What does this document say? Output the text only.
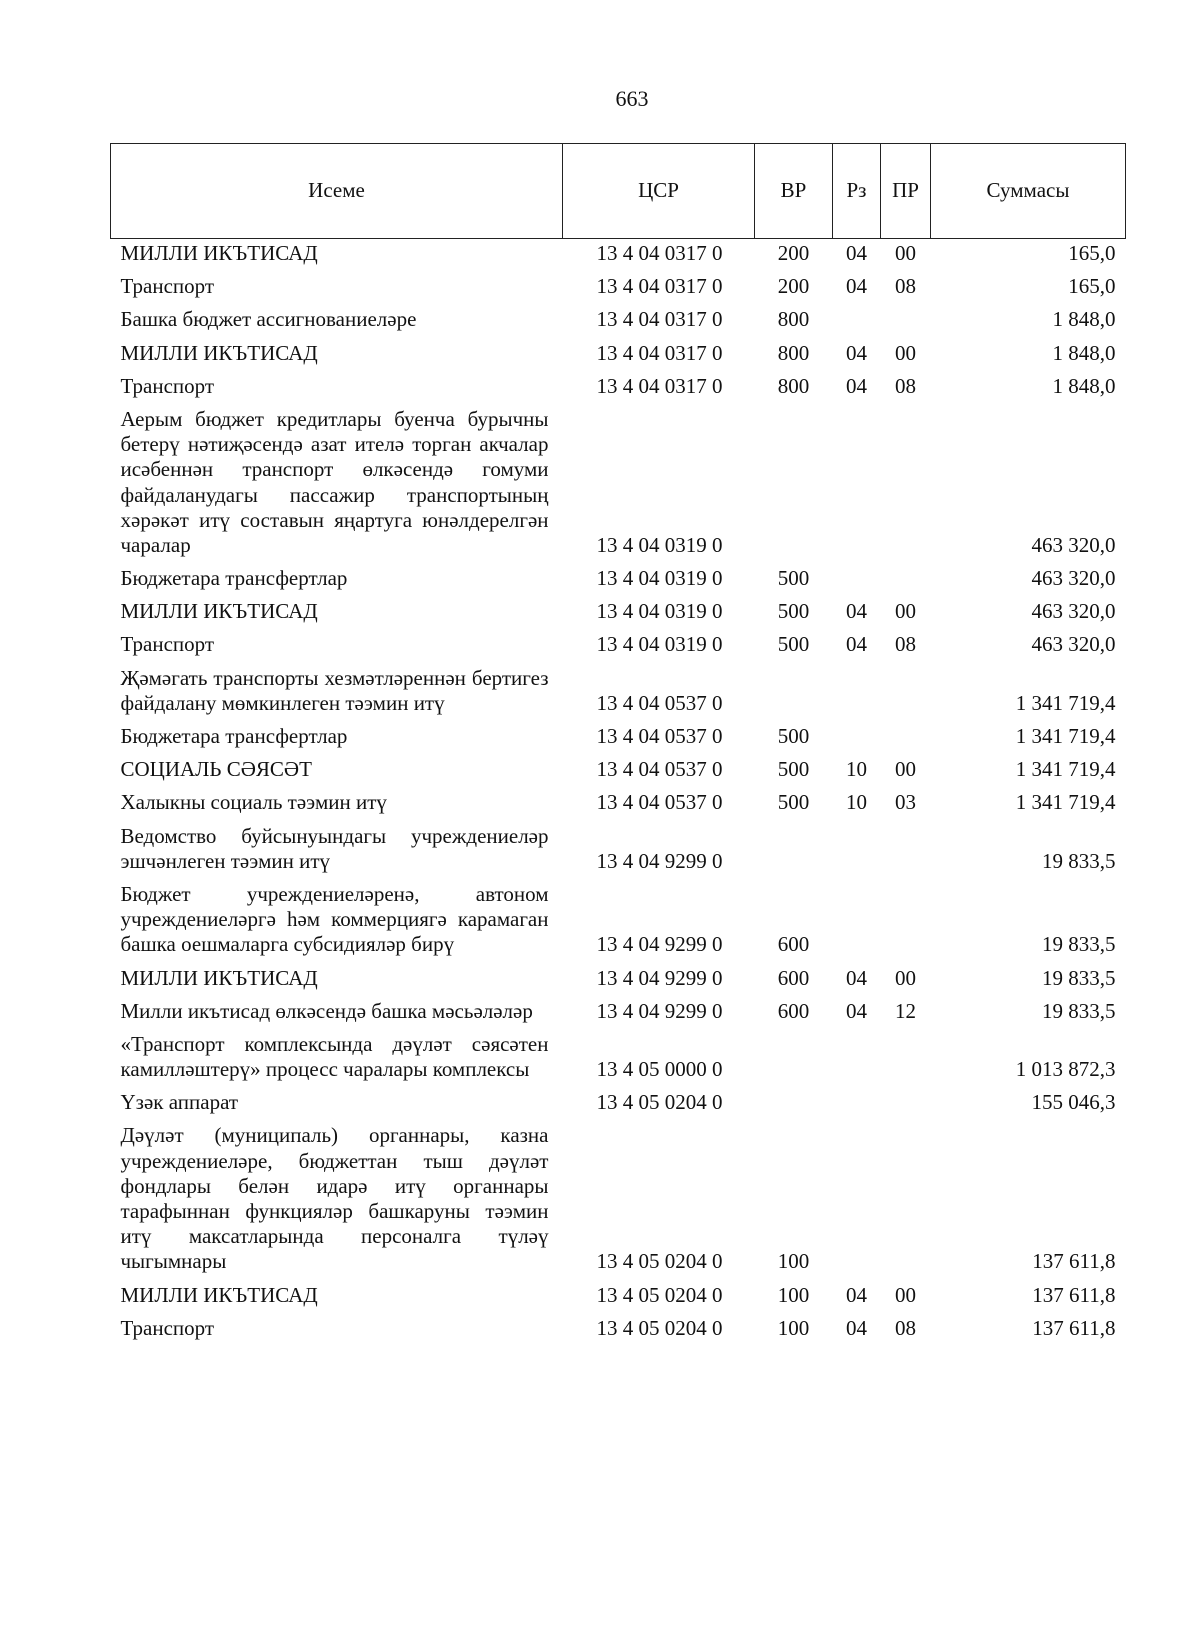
663
Исеме	ЦСР	ВР	Рз	ПР	Суммасы
МИЛЛИ ИКЪТИСАД	13 4 04 0317 0	200	04	00	165,0
Транспорт	13 4 04 0317 0	200	04	08	165,0
Башка бюджет ассигнованиеләре	13 4 04 0317 0	800			1 848,0
МИЛЛИ ИКЪТИСАД	13 4 04 0317 0	800	04	00	1 848,0
Транспорт	13 4 04 0317 0	800	04	08	1 848,0
Аерым бюджет кредитлары буенча бурычны бетерү нәтиҗәсендә азат ителә торган акчалар исәбеннән транспорт өлкәсендә гомуми файдаланудагы пассажир транспортының хәрәкәт итү составын яңартуга юнәлдерелгән чаралар	13 4 04 0319 0				463 320,0
Бюджетара трансфертлар	13 4 04 0319 0	500			463 320,0
МИЛЛИ ИКЪТИСАД	13 4 04 0319 0	500	04	00	463 320,0
Транспорт	13 4 04 0319 0	500	04	08	463 320,0
Җәмәгать транспорты хезмәтләреннән бертигез файдалану мөмкинлеген тәэмин итү	13 4 04 0537 0				1 341 719,4
Бюджетара трансфертлар	13 4 04 0537 0	500			1 341 719,4
СОЦИАЛЬ СӘЯСӘТ	13 4 04 0537 0	500	10	00	1 341 719,4
Халыкны социаль тәэмин итү	13 4 04 0537 0	500	10	03	1 341 719,4
Ведомство буйсынуындагы учреждениеләр эшчәнлеген тәэмин итү	13 4 04 9299 0				19 833,5
Бюджет учреждениеләренә, автоном учреждениеләргә һәм коммерциягә карамаган башка оешмаларга субсидияләр бирү	13 4 04 9299 0	600			19 833,5
МИЛЛИ ИКЪТИСАД	13 4 04 9299 0	600	04	00	19 833,5
Милли икътисад өлкәсендә башка мәсьәләләр	13 4 04 9299 0	600	04	12	19 833,5
«Транспорт комплексында дәүләт сәясәтен камилләштерү» процесс чаралары комплексы	13 4 05 0000 0				1 013 872,3
Үзәк аппарат	13 4 05 0204 0				155 046,3
Дәүләт (муниципаль) органнары, казна учреждениеләре, бюджеттан тыш дәүләт фондлары белән идарә итү органнары тарафыннан функцияләр башкаруны тәэмин итү максатларында персоналга түләү чыгымнары	13 4 05 0204 0	100			137 611,8
МИЛЛИ ИКЪТИСАД	13 4 05 0204 0	100	04	00	137 611,8
Транспорт	13 4 05 0204 0	100	04	08	137 611,8
